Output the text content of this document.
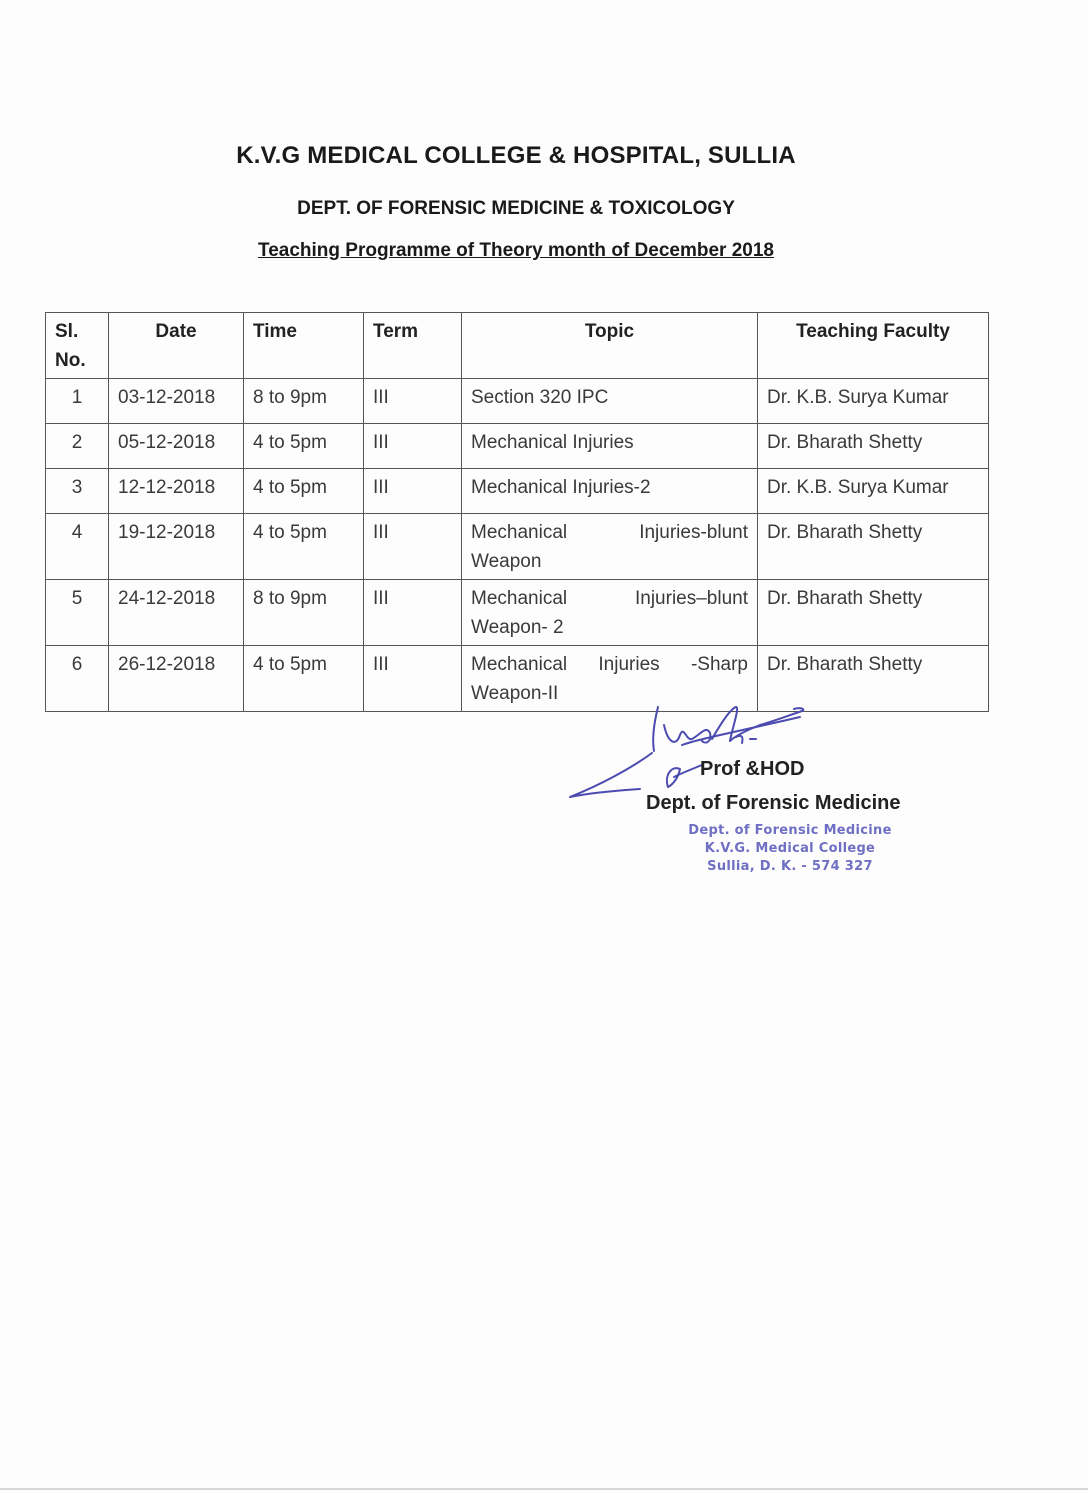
K.V.G MEDICAL COLLEGE & HOSPITAL, SULLIA
DEPT. OF FORENSIC MEDICINE & TOXICOLOGY
Teaching Programme of Theory month of December 2018
Sl. No.	Date	Time	Term	Topic	Teaching Faculty
1	03-12-2018	8 to 9pm	III	Section 320 IPC	Dr. K.B. Surya Kumar
2	05-12-2018	4 to 5pm	III	Mechanical Injuries	Dr. Bharath Shetty
3	12-12-2018	4 to 5pm	III	Mechanical Injuries-2	Dr. K.B. Surya Kumar
4	19-12-2018	4 to 5pm	III	Mechanical Injuries-blunt Weapon	Dr. Bharath Shetty
5	24-12-2018	8 to 9pm	III	Mechanical Injuries–blunt Weapon- 2	Dr. Bharath Shetty
6	26-12-2018	4 to 5pm	III	Mechanical Injuries -Sharp Weapon-II	Dr. Bharath Shetty
Prof &HOD
Dept. of Forensic Medicine
Dept. of Forensic Medicine
K.V.G. Medical College
Sullia, D. K. - 574 327
